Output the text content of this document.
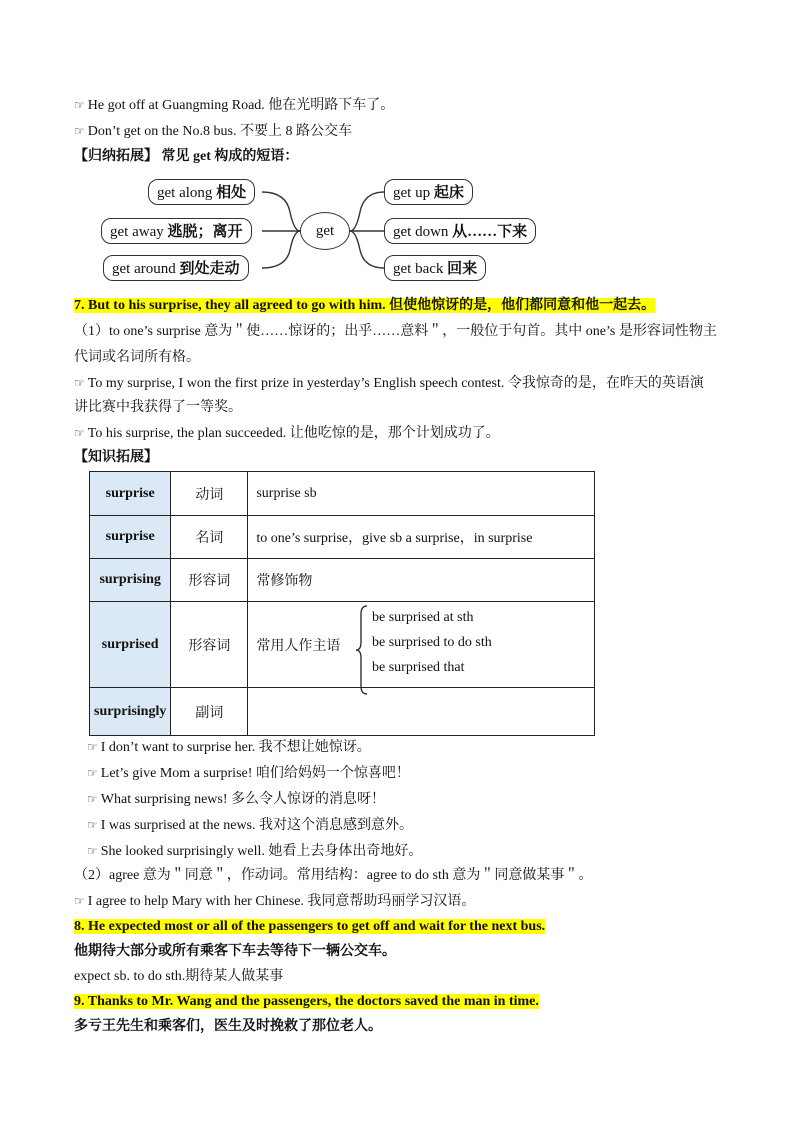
☞ He got off at Guangming Road. 他在光明路下车了。
☞ Don’t get on the No.8 bus. 不要上 8 路公交车
【归纳拓展】 常见 get 构成的短语：
get along 相处
get away 逃脱；离开
get around 到处走动
get
get up 起床
get down 从……下来
get back 回来
7. But to his surprise, they all agreed to go with him. 但使他惊讶的是，他们都同意和他一起去。
（1）to one’s surprise 意为＂使……惊讶的；出乎……意料＂，一般位于句首。其中 one’s 是形容词性物主
代词或名词所有格。
☞ To my surprise, I won the first prize in yesterday’s English speech contest. 令我惊奇的是，在昨天的英语演
讲比赛中我获得了一等奖。
☞ To his surprise, the plan succeeded. 让他吃惊的是，那个计划成功了。
【知识拓展】
surprise	动词	surprise sb
surprise	名词	to one’s surprise，give sb a surprise，in surprise
surprising	形容词	常修饰物
surprised	形容词	常用人作主语
surprisingly	副词	
be surprised at sth
be surprised to do sth
be surprised that
☞ I don’t want to surprise her. 我不想让她惊讶。
☞ Let’s give Mom a surprise! 咱们给妈妈一个惊喜吧！
☞ What surprising news! 多么令人惊讶的消息呀！
☞ I was surprised at the news. 我对这个消息感到意外。
☞ She looked surprisingly well. 她看上去身体出奇地好。
（2）agree 意为＂同意＂，作动词。常用结构：agree to do sth 意为＂同意做某事＂。
☞ I agree to help Mary with her Chinese. 我同意帮助玛丽学习汉语。
8. He expected most or all of the passengers to get off and wait for the next bus.
他期待大部分或所有乘客下车去等待下一辆公交车。
expect sb. to do sth.期待某人做某事
9. Thanks to Mr. Wang and the passengers, the doctors saved the man in time.
多亏王先生和乘客们，医生及时挽救了那位老人。
